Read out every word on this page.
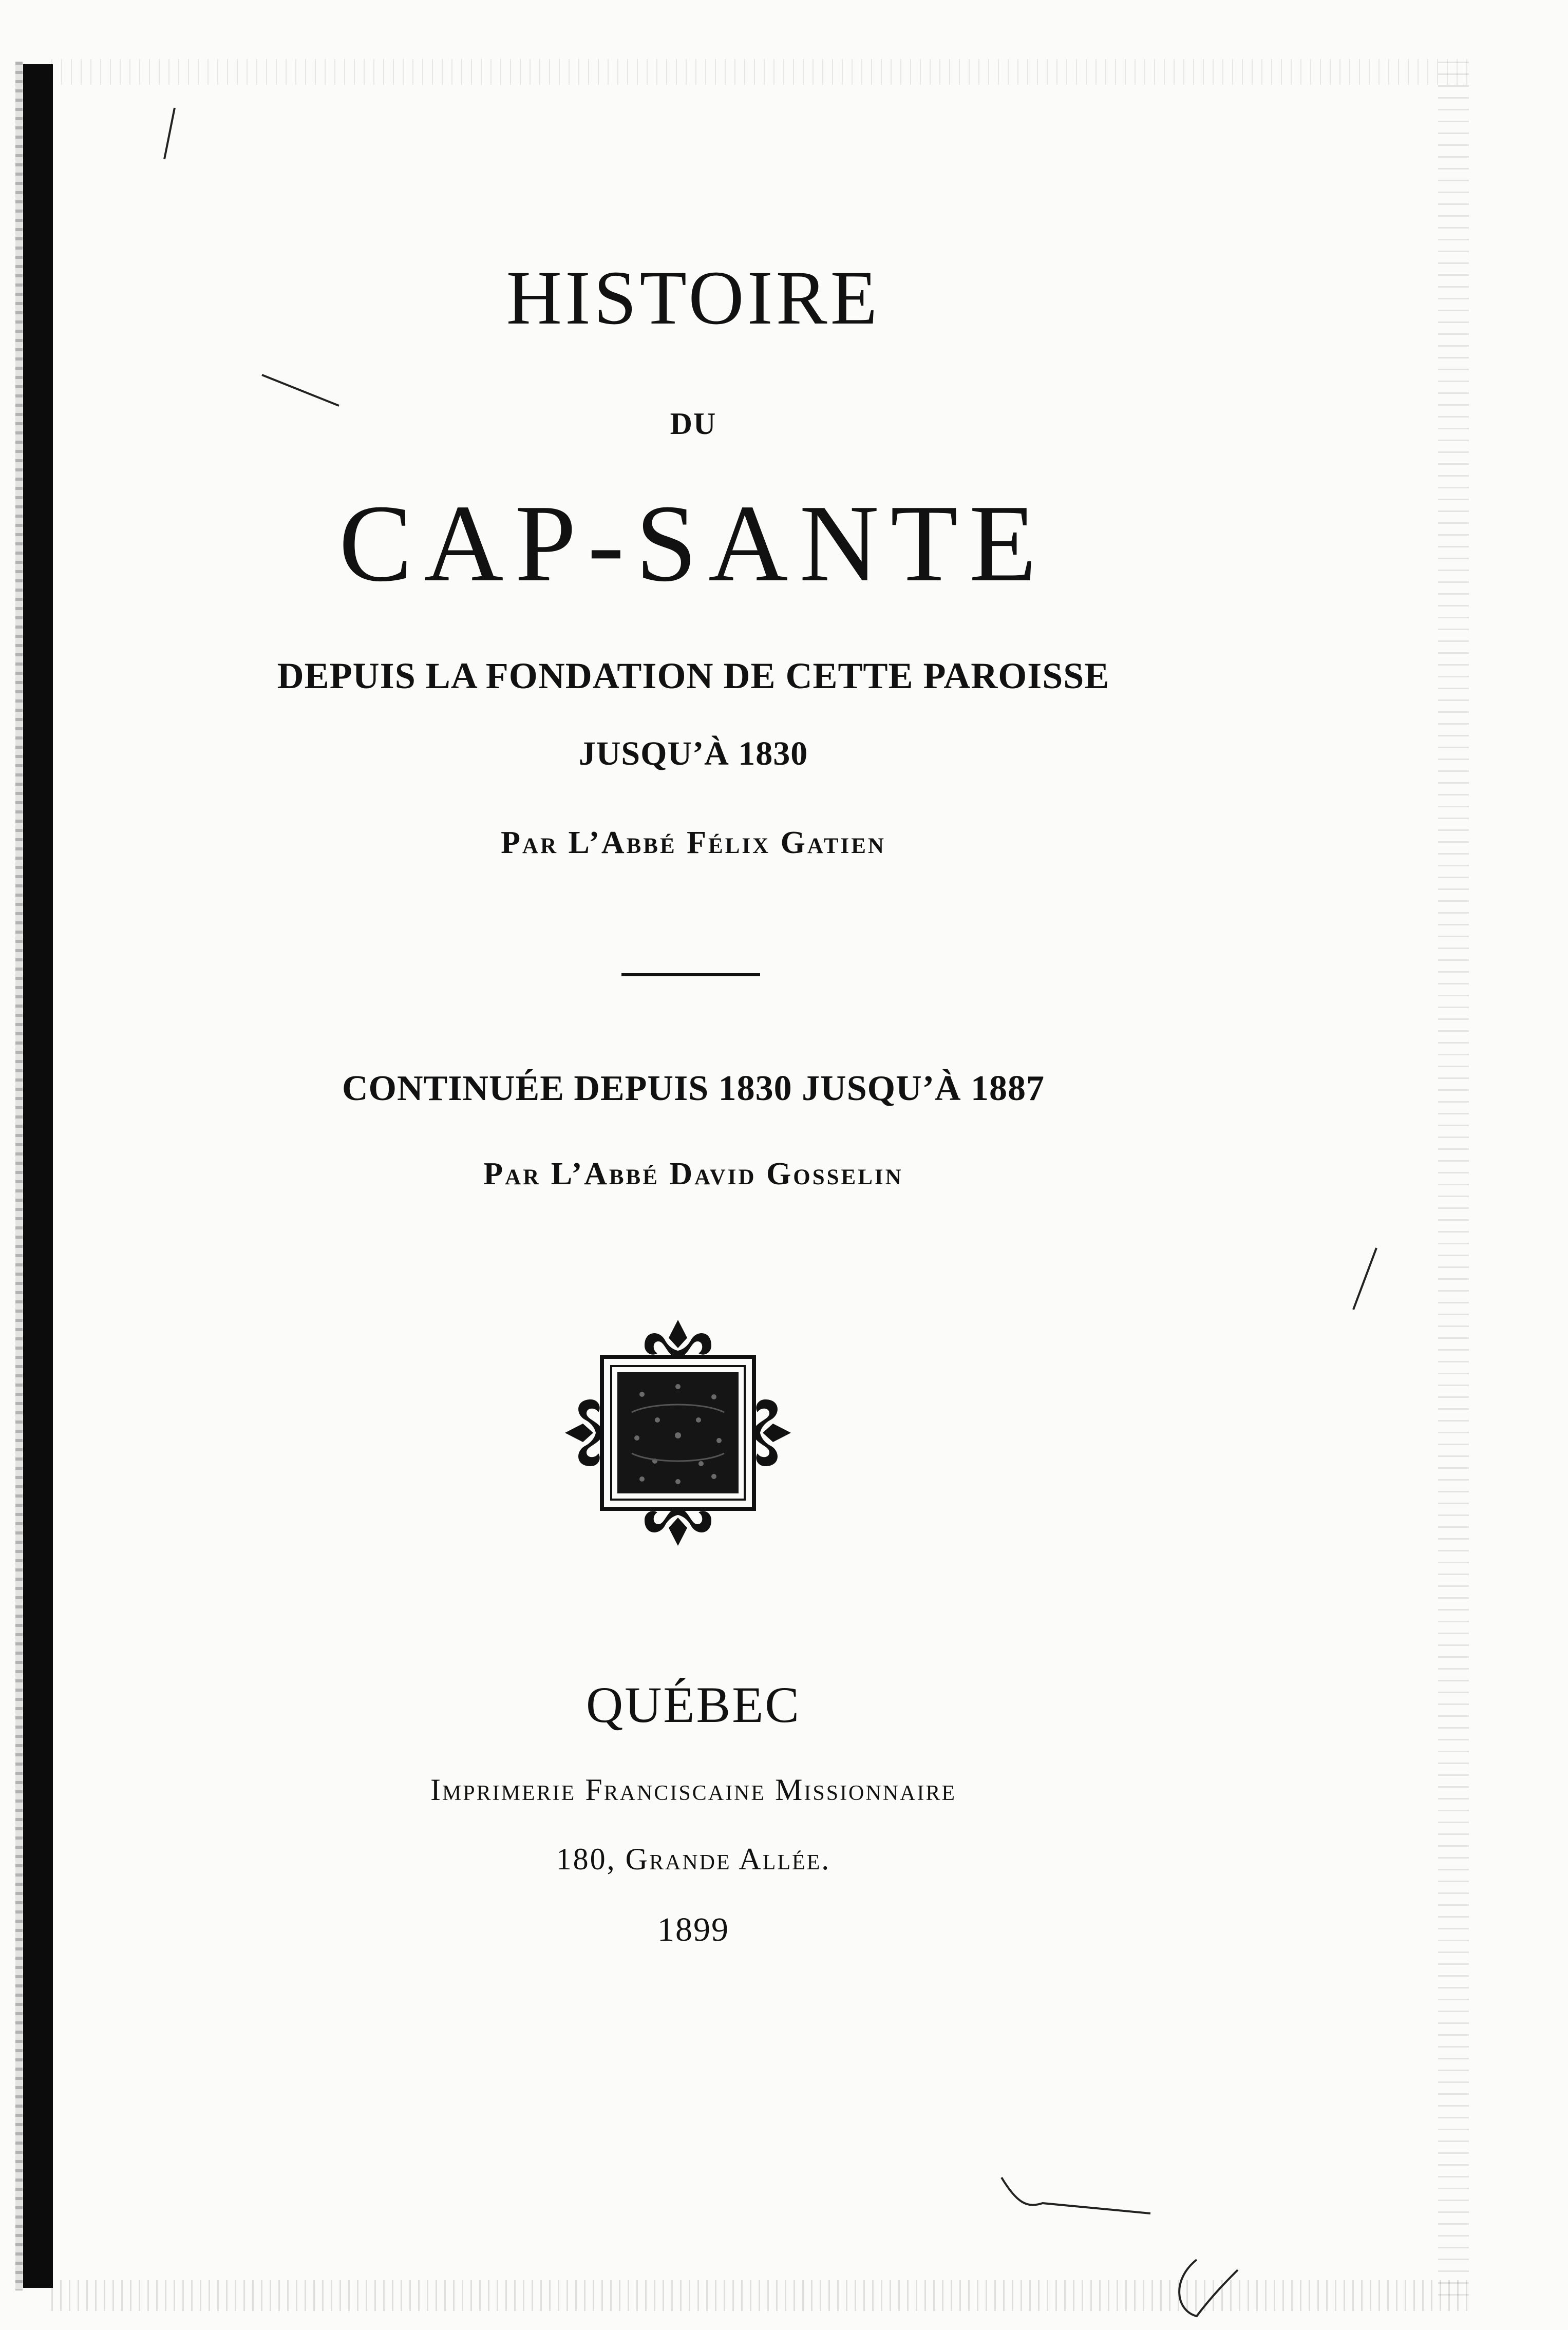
HISTOIRE
DU
CAP-SANTE
DEPUIS LA FONDATION DE CETTE PAROISSE
JUSQU’À 1830
Par L’Abbé Félix Gatien
CONTINUÉE DEPUIS 1830 JUSQU’À 1887
Par L’Abbé David Gosselin
QUÉBEC
Imprimerie Franciscaine Missionnaire
180, Grande Allée.
1899
